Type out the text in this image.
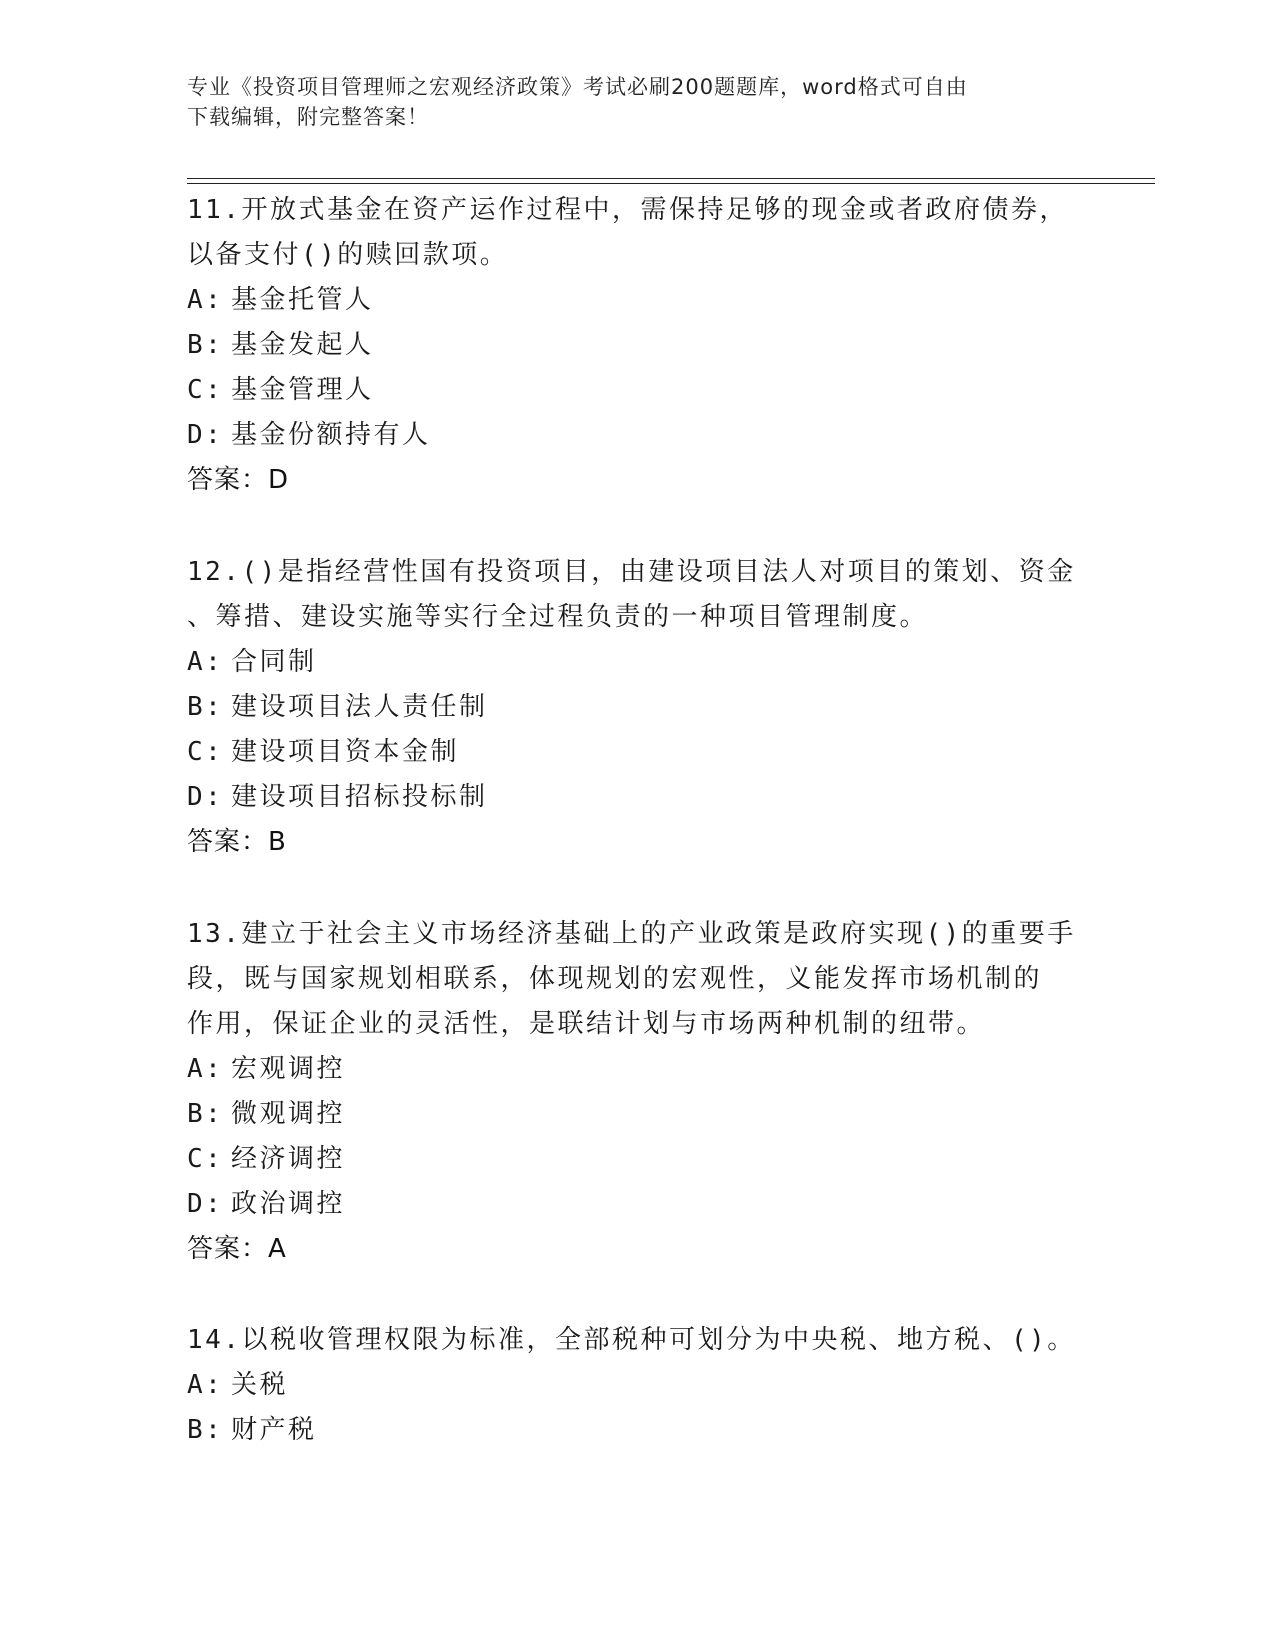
专业《投资项目管理师之宏观经济政策》考试必刷200题题库，word格式可自由
下载编辑，附完整答案！

11.开放式基金在资产运作过程中，需保持足够的现金或者政府债券，

以备支付()的赎回款项。

A: 基金托管人

B: 基金发起人

C: 基金管理人

D: 基金份额持有人

答案：D

12.()是指经营性国有投资项目，由建设项目法人对项目的策划、资金

、筹措、建设实施等实行全过程负责的一种项目管理制度。

A: 合同制

B: 建设项目法人责任制

C: 建设项目资本金制

D: 建设项目招标投标制

答案：B

13.建立于社会主义市场经济基础上的产业政策是政府实现()的重要手

段，既与国家规划相联系，体现规划的宏观性，义能发挥市场机制的

作用，保证企业的灵活性，是联结计划与市场两种机制的纽带。

A: 宏观调控

B: 微观调控

C: 经济调控

D: 政治调控

答案：A

14.以税收管理权限为标准，全部税种可划分为中央税、地方税、()。

A: 关税

B: 财产税
